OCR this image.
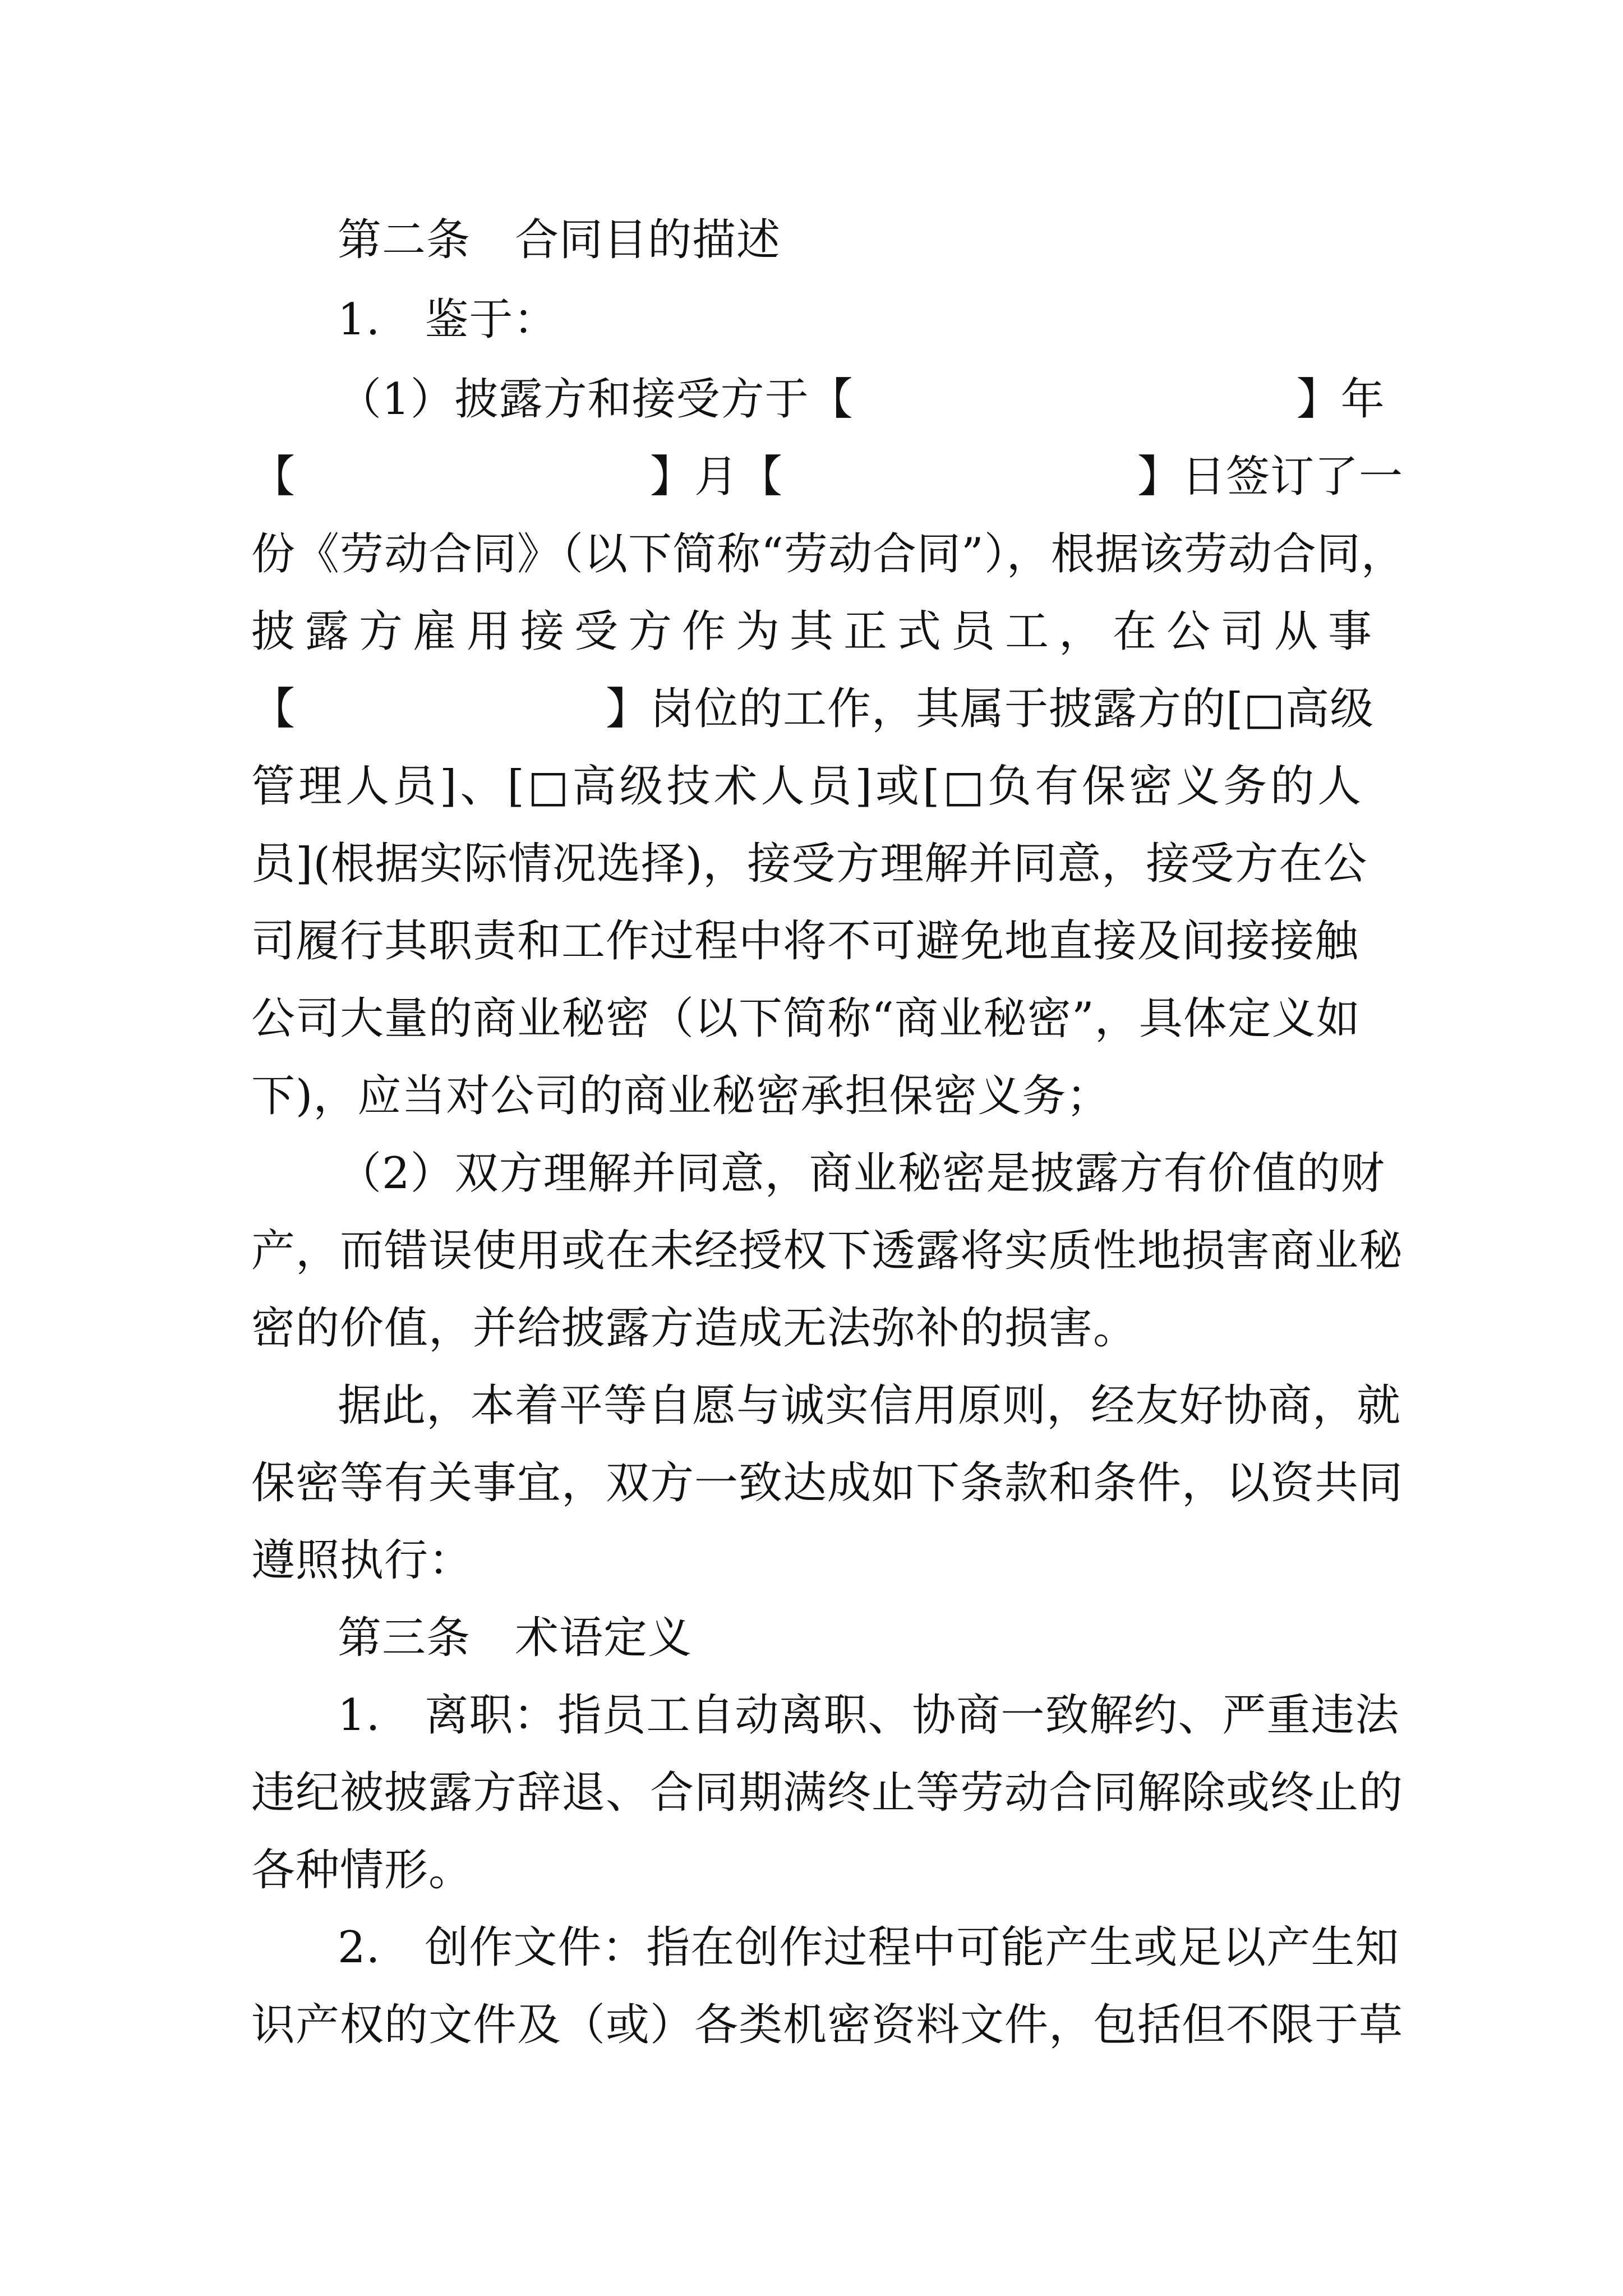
第二条　合同目的描述
1.　鉴于：
（1）披露方和接受方于 【　　　　　　　　　　】年
【　　　　　　　　】月 【　　　　　　　　】日签订了一
份《劳动合同》（以下简称“劳动合同”），根据该劳动合同，
披露方雇用接受方作为其正式员工，在公司从事
【　　　　　　　】岗位的工作，其属于披露方的[□高级
管理人员]、[□高级技术人员]或[□负有保密义务的人
员](根据实际情况选择)，接受方理解并同意，接受方在公
司履行其职责和工作过程中将不可避免地直接及间接接触
公司大量的商业秘密（以下简称“商业秘密”，具体定义如
下)，应当对公司的商业秘密承担保密义务；
（2）双方理解并同意，商业秘密是披露方有价值的财
产，而错误使用或在未经授权下透露将实质性地损害商业秘
密的价值，并给披露方造成无法弥补的损害。
据此，本着平等自愿与诚实信用原则，经友好协商，就
保密等有关事宜，双方一致达成如下条款和条件，以资共同
遵照执行：
第三条　术语定义
1.　离职：指员工自动离职、协商一致解约、严重违法
违纪被披露方辞退、合同期满终止等劳动合同解除或终止的
各种情形。
2.　创作文件：指在创作过程中可能产生或足以产生知
识产权的文件及（或）各类机密资料文件，包括但不限于草
